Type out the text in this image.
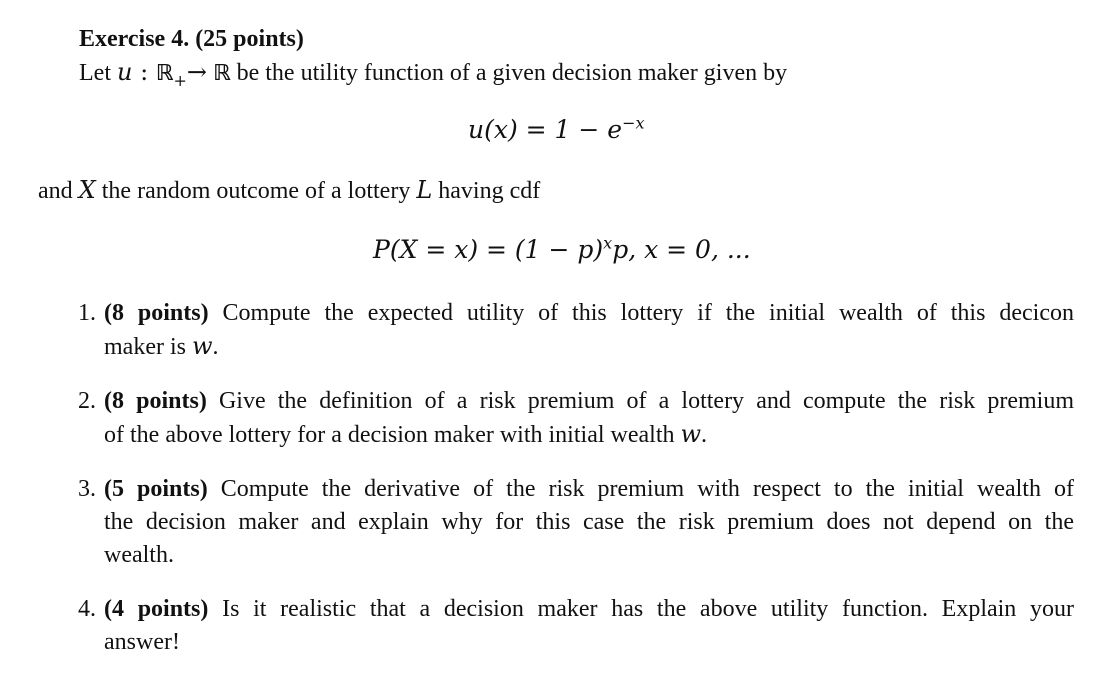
Exercise 4. (25 points)
Let u : ℝ$_+$→ ℝ be the utility function of a given decision maker given by
$u(x) = 1 - e^{-x}$
and X the random outcome of a lottery L having cdf
$P(X = x) = (1 - p)^xp$, x = 0, ...
1. (8 points) Compute the expected utility of this lottery if the initial wealth of this decicon
maker is w.
2. (8 points) Give the definition of a risk premium of a lottery and compute the risk premium
of the above lottery for a decision maker with initial wealth w.
3. (5 points) Compute the derivative of the risk premium with respect to the initial wealth of
the decision maker and explain why for this case the risk premium does not depend on the
wealth.
4. (4 points) Is it realistic that a decision maker has the above utility function. Explain your
answer!
